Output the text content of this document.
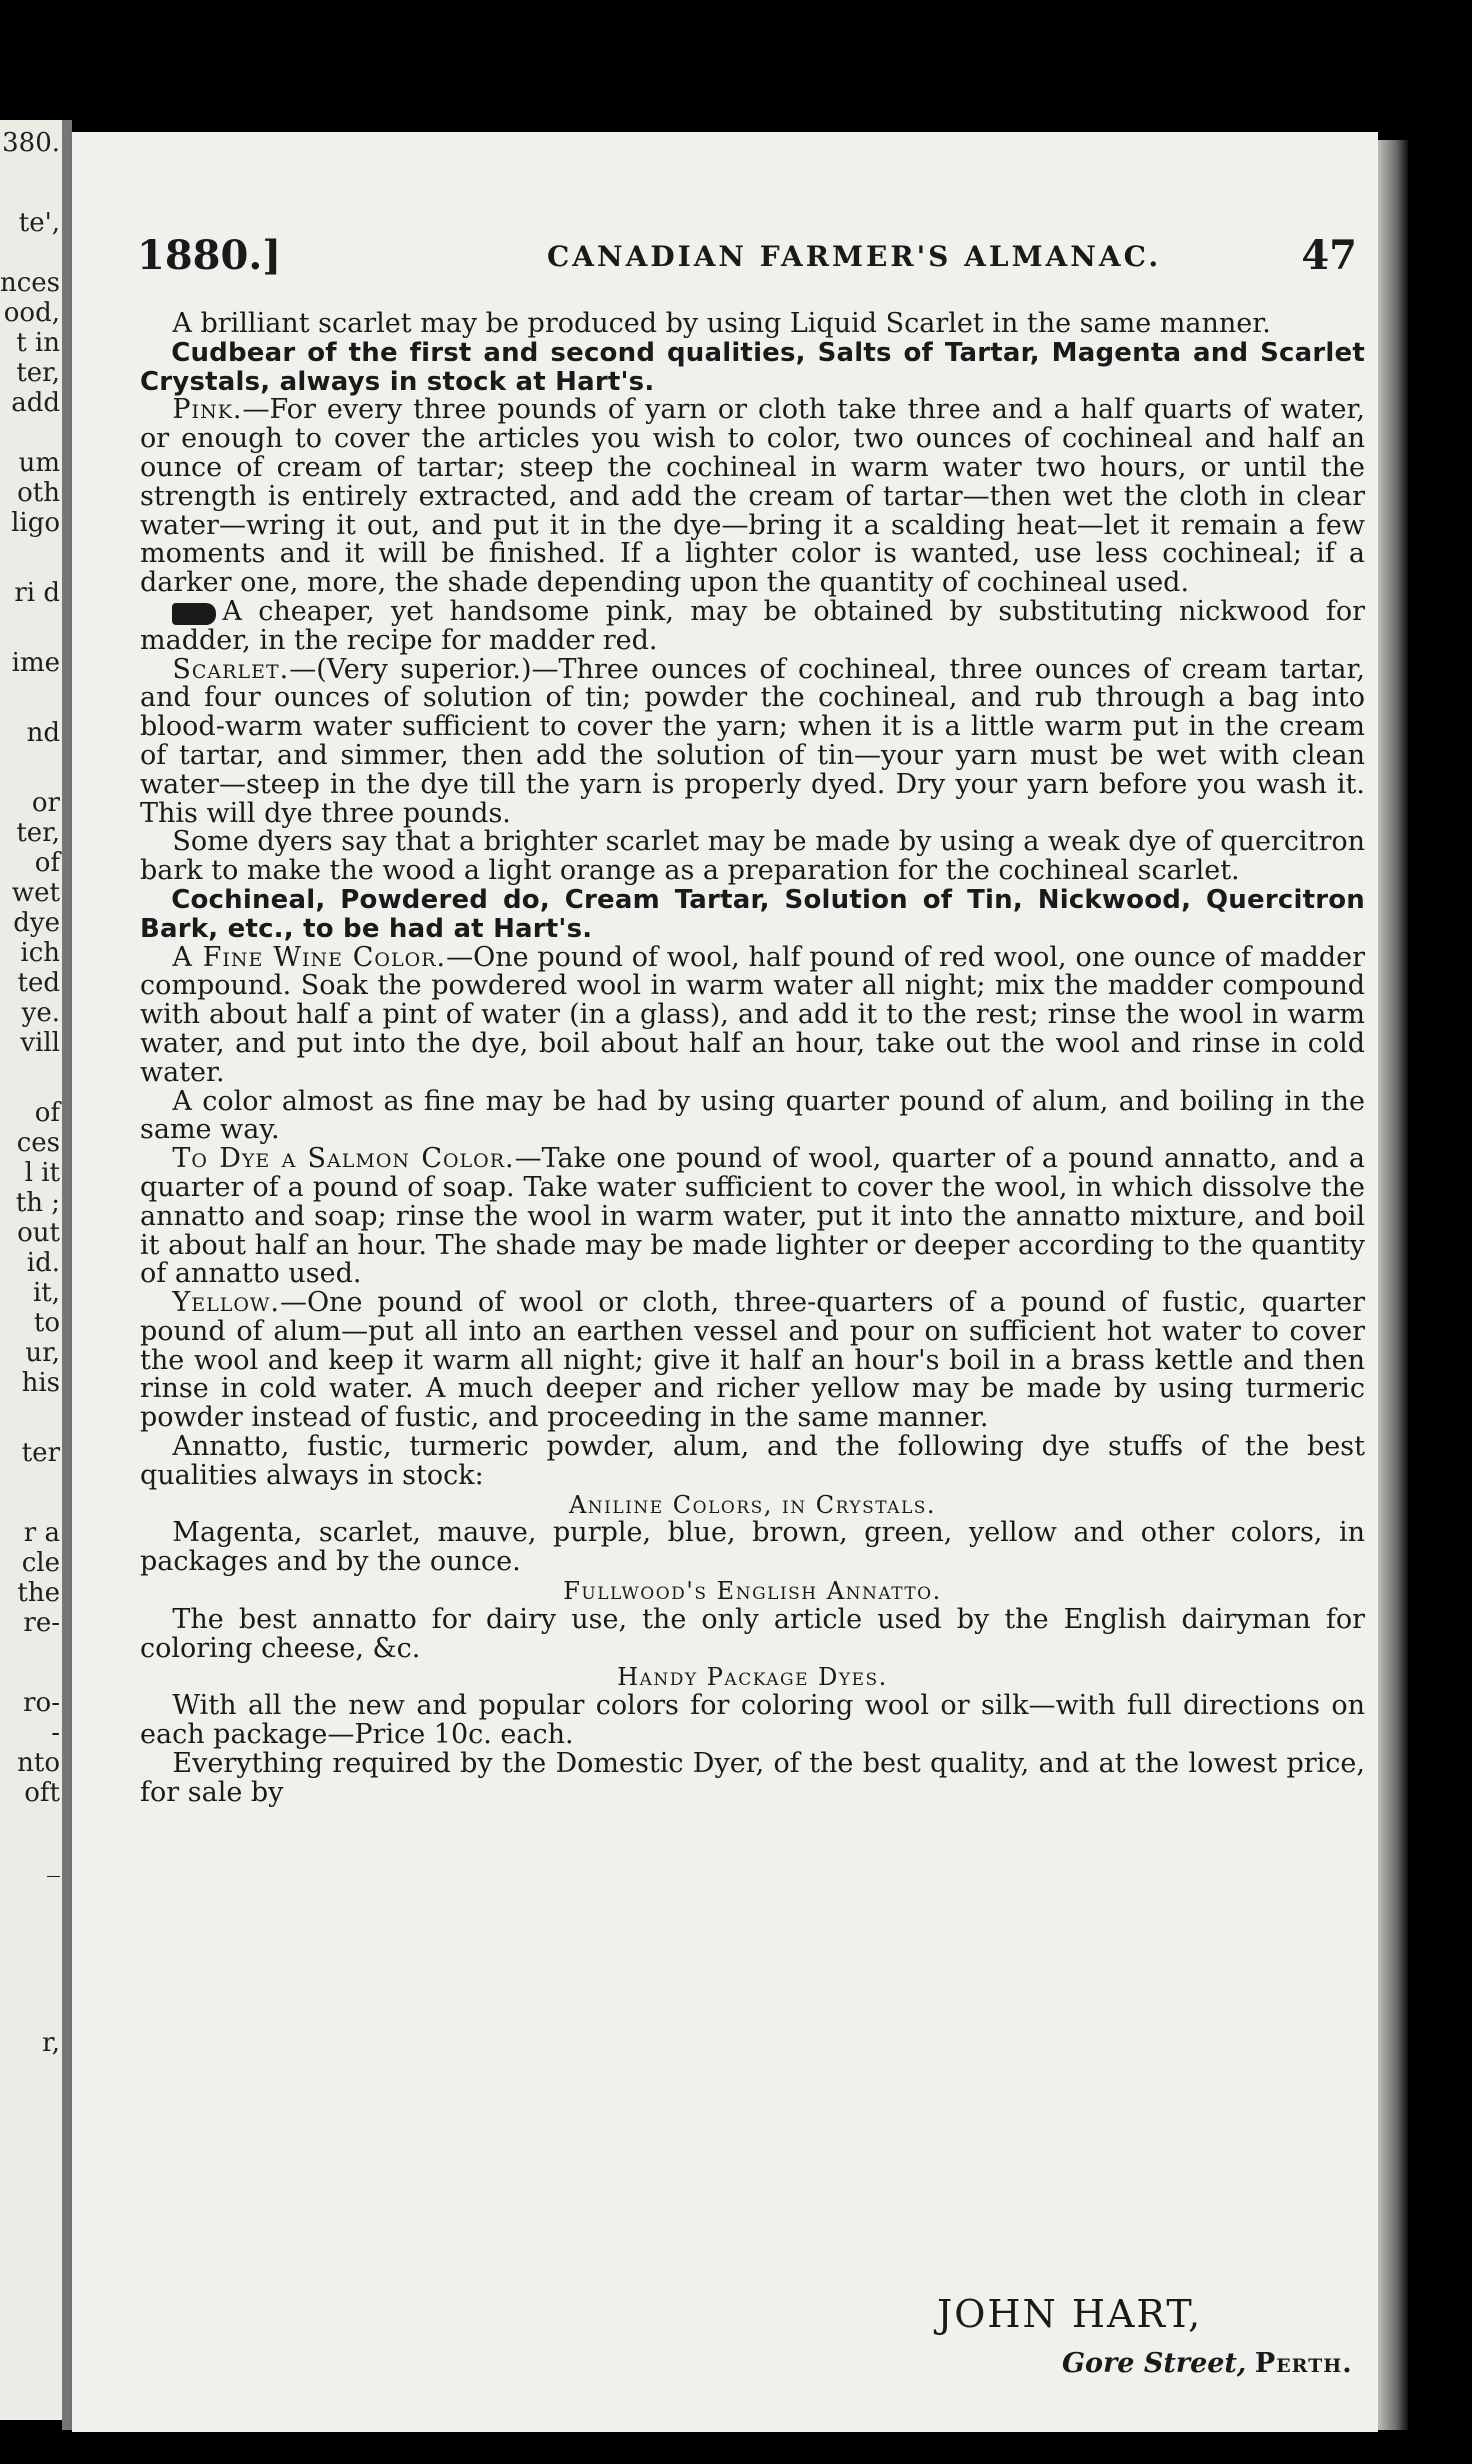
380.
te',
nces
ood,
t in
ter,
add
um
oth
ligo
ri d
ime
nd
or
ter,
of
wet
dye
ich
ted
ye.
vill
of
ces
l it
th ;
out
id.
it,
to
ur,
his
ter
r a
cle
the
re-
ro-
-
nto
oft
_
r,
1880.]	CANADIAN FARMER'S ALMANAC.	47

A brilliant scarlet may be produced by using Liquid Scarlet in the same manner.

Cudbear of the first and second qualities, Salts of Tartar, Magenta and Scarlet Crystals, always in stock at Hart's.

Pink.—For every three pounds of yarn or cloth take three and a half quarts of water, or enough to cover the articles you wish to color, two ounces of cochineal and half an ounce of cream of tartar; steep the cochineal in warm water two hours, or until the strength is entirely extracted, and add the cream of tartar—then wet the cloth in clear water—wring it out, and put it in the dye—bring it a scalding heat—let it remain a few moments and it will be finished. If a lighter color is wanted, use less cochineal; if a darker one, more, the shade depending upon the quantity of cochineal used.

A cheaper, yet handsome pink, may be obtained by substituting nickwood for madder, in the recipe for madder red.

Scarlet.—(Very superior.)—Three ounces of cochineal, three ounces of cream tartar, and four ounces of solution of tin; powder the cochineal, and rub through a bag into blood-warm water sufficient to cover the yarn; when it is a little warm put in the cream of tartar, and simmer, then add the solution of tin—your yarn must be wet with clean water—steep in the dye till the yarn is properly dyed. Dry your yarn before you wash it. This will dye three pounds.

Some dyers say that a brighter scarlet may be made by using a weak dye of quercitron bark to make the wood a light orange as a preparation for the cochineal scarlet.

Cochineal, Powdered do, Cream Tartar, Solution of Tin, Nickwood, Quercitron Bark, etc., to be had at Hart's.

A Fine Wine Color.—One pound of wool, half pound of red wool, one ounce of madder compound. Soak the powdered wool in warm water all night; mix the madder compound with about half a pint of water (in a glass), and add it to the rest; rinse the wool in warm water, and put into the dye, boil about half an hour, take out the wool and rinse in cold water.

A color almost as fine may be had by using quarter pound of alum, and boiling in the same way.

To Dye a Salmon Color.—Take one pound of wool, quarter of a pound annatto, and a quarter of a pound of soap. Take water sufficient to cover the wool, in which dissolve the annatto and soap; rinse the wool in warm water, put it into the annatto mixture, and boil it about half an hour. The shade may be made lighter or deeper according to the quantity of annatto used.

Yellow.—One pound of wool or cloth, three-quarters of a pound of fustic, quarter pound of alum—put all into an earthen vessel and pour on sufficient hot water to cover the wool and keep it warm all night; give it half an hour's boil in a brass kettle and then rinse in cold water. A much deeper and richer yellow may be made by using turmeric powder instead of fustic, and proceeding in the same manner.

Annatto, fustic, turmeric powder, alum, and the following dye stuffs of the best qualities always in stock:

Aniline Colors, in Crystals.

Magenta, scarlet, mauve, purple, blue, brown, green, yellow and other colors, in packages and by the ounce.

Fullwood's English Annatto.

The best annatto for dairy use, the only article used by the English dairyman for coloring cheese, &c.

Handy Package Dyes.

With all the new and popular colors for coloring wool or silk—with full directions on each package—Price 10c. each.

Everything required by the Domestic Dyer, of the best quality, and at the lowest price, for sale by

JOHN HART,
Gore Street, Perth.
